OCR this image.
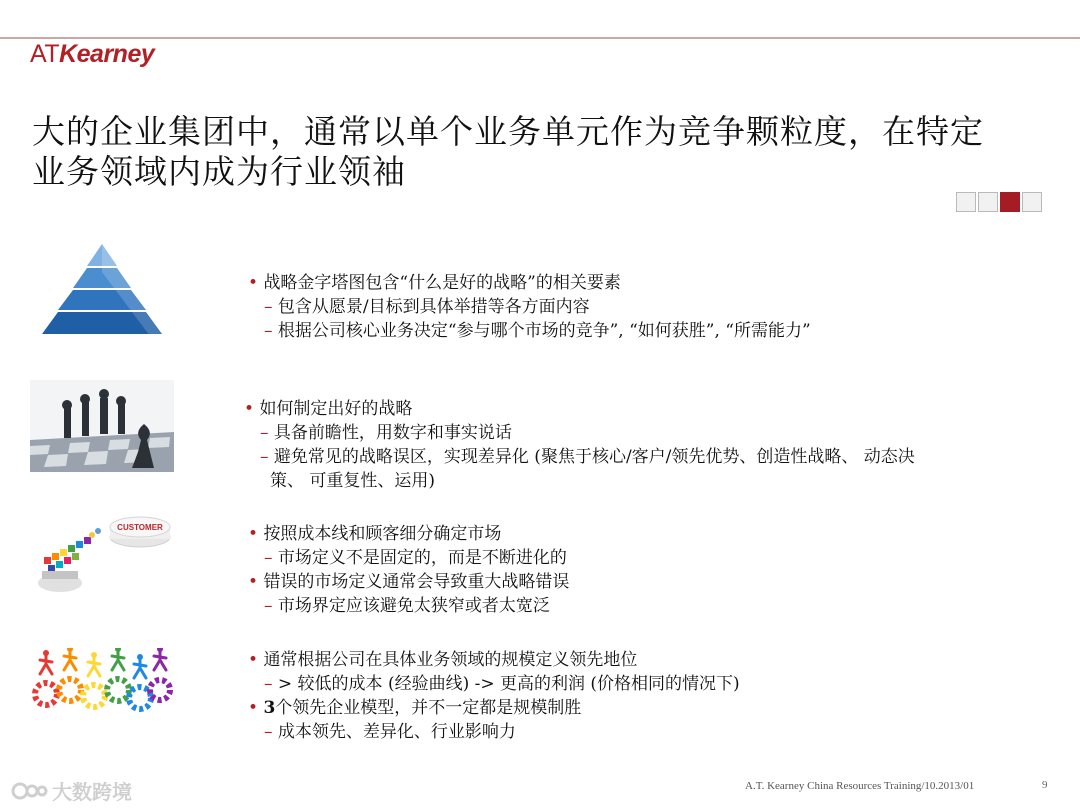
ATKearney
大的企业集团中，通常以单个业务单元作为竞争颗粒度，在特定
业务领域内成为行业领袖
• 战略金字塔图包含“什么是好的战略”的相关要素
– 包含从愿景/目标到具体举措等各方面内容
– 根据公司核心业务决定“参与哪个市场的竞争”, “如何获胜”, “所需能力”
• 如何制定出好的战略
– 具备前瞻性，用数字和事实说话
– 避免常见的战略误区，实现差异化 (聚焦于核心/客户/领先优势、创造性战略、 动态决
策、 可重复性、运用)
CUSTOMER	• 按照成本线和顾客细分确定市场
– 市场定义不是固定的，而是不断进化的
• 错误的市场定义通常会导致重大战略错误
– 市场界定应该避免太狭窄或者太宽泛
• 通常根据公司在具体业务领域的规模定义领先地位
– > 较低的成本 (经验曲线) -> 更高的利润 (价格相同的情况下)
• 3个领先企业模型，并不一定都是规模制胜
– 成本领先、差异化、行业影响力
大数跨境	A.T. Kearney China Resources Training/10.2013/01	9
